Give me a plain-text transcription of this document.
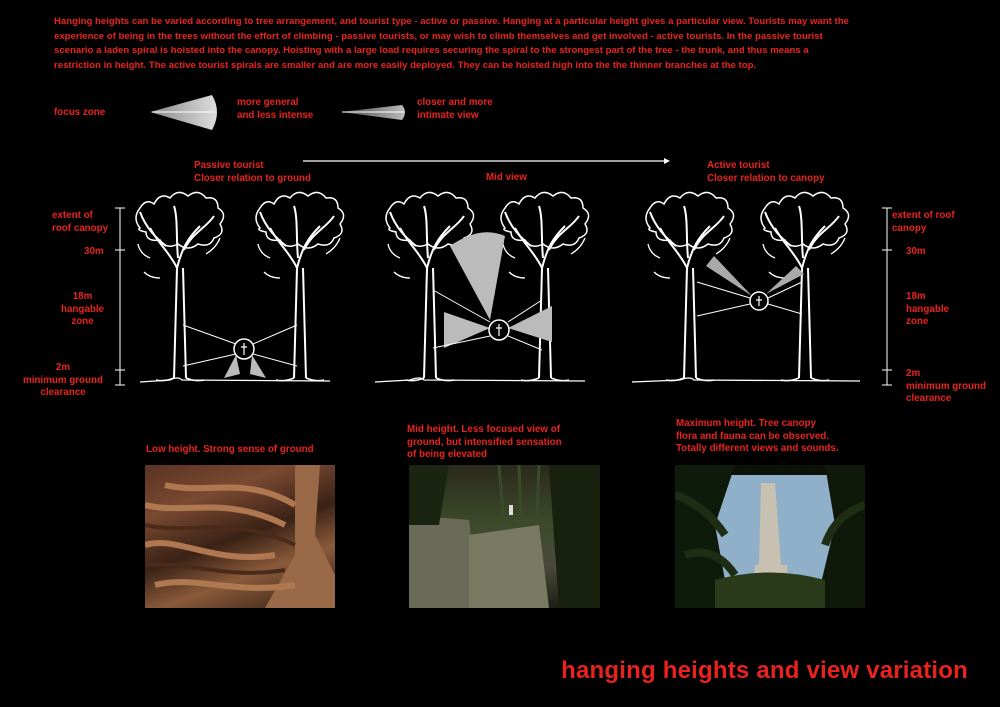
Hanging heights can be varied according to tree arrangement, and tourist type - active or passive. Hanging at a particular height gives a particular view. Tourists may want the experience of being in the trees without the effort of climbing - passive tourists, or may wish to climb themselves and get involved - active tourists. In the passive tourist scenario a laden spiral is hoisted into the canopy. Hoisting with a large load requires securing the spiral to the strongest part of the tree - the trunk, and thus means a restriction in height. The active tourist spirals are smaller and are more easily deployed. They can be hoisted high into the the thinner branches at the top.
focus zone
more general
and less intense
closer and more
intimate view
Passive tourist
Closer relation to ground	Mid view
Active tourist
Closer relation to canopy
extent of
roof canopy
30m
18m
hangable
zone
2m
minimum ground
clearance
extent of roof
canopy
30m
18m
hangable
zone
2m
minimum ground
clearance
Low height. Strong sense of ground
Mid height. Less focused view of
ground, but intensified sensation
of being elevated
Maximum height. Tree canopy
flora and fauna can be observed.
Totally different views and sounds.
hanging heights and view variation
